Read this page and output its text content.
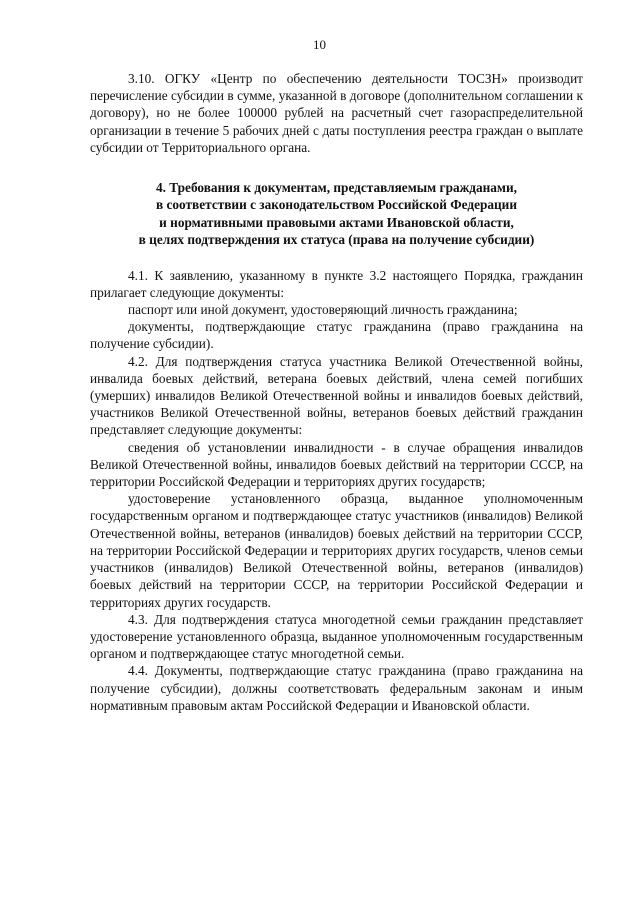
10

3.10. ОГКУ «Центр по обеспечению деятельности ТОСЗН» производит перечисление субсидии в сумме, указанной в договоре (дополнительном соглашении к договору), но не более 100000 рублей на расчетный счет газораспределительной организации в течение 5 рабочих дней с даты поступления реестра граждан о выплате субсидии от Территориального органа.

4. Требования к документам, представляемым гражданами,
в соответствии с законодательством Российской Федерации
и нормативными правовыми актами Ивановской области,
в целях подтверждения их статуса (права на получение субсидии)

4.1. К заявлению, указанному в пункте 3.2 настоящего Порядка, гражданин прилагает следующие документы:

паспорт или иной документ, удостоверяющий личность гражданина;

документы, подтверждающие статус гражданина (право гражданина на получение субсидии).

4.2. Для подтверждения статуса участника Великой Отечественной войны, инвалида боевых действий, ветерана боевых действий, члена семей погибших (умерших) инвалидов Великой Отечественной войны и инвалидов боевых действий, участников Великой Отечественной войны, ветеранов боевых действий гражданин представляет следующие документы:

сведения об установлении инвалидности - в случае обращения инвалидов Великой Отечественной войны, инвалидов боевых действий на территории СССР, на территории Российской Федерации и территориях других государств;

удостоверение установленного образца, выданное уполномоченным государственным органом и подтверждающее статус участников (инвалидов) Великой Отечественной войны, ветеранов (инвалидов) боевых действий на территории СССР, на территории Российской Федерации и территориях других государств, членов семьи участников (инвалидов) Великой Отечественной войны, ветеранов (инвалидов) боевых действий на территории СССР, на территории Российской Федерации и территориях других государств.

4.3. Для подтверждения статуса многодетной семьи гражданин представляет удостоверение установленного образца, выданное уполномоченным государственным органом и подтверждающее статус многодетной семьи.

4.4. Документы, подтверждающие статус гражданина (право гражданина на получение субсидии), должны соответствовать федеральным законам и иным нормативным правовым актам Российской Федерации и Ивановской области.
